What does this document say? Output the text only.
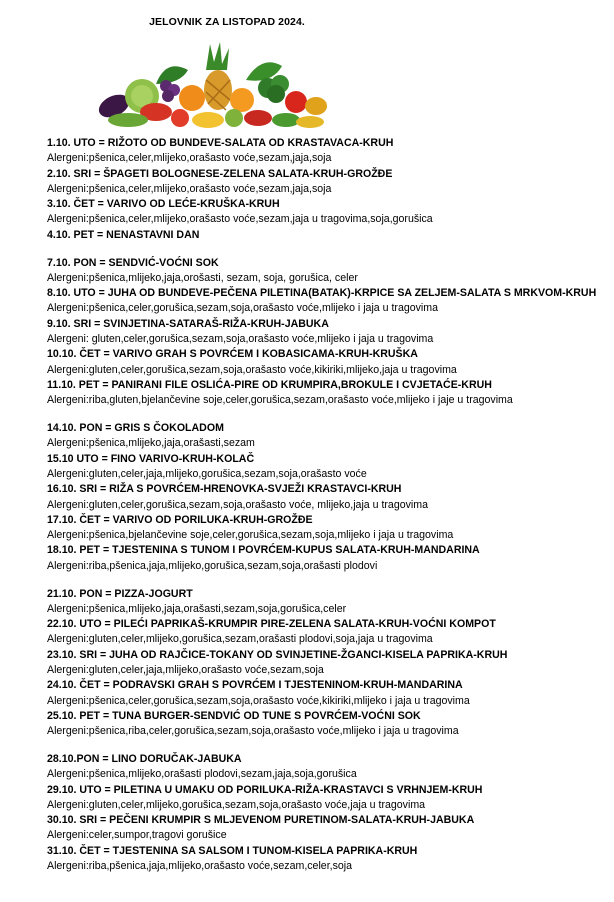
JELOVNIK ZA LISTOPAD 2024.
1.10. UTO = RIŽOTO OD BUNDEVE-SALATA OD KRASTAVACA-KRUH
Alergeni:pšenica,celer,mlijeko,orašasto voće,sezam,jaja,soja
2.10. SRI = ŠPAGETI BOLOGNESE-ZELENA SALATA-KRUH-GROŽĐE
Alergeni:pšenica,celer,mlijeko,orašasto voće,sezam,jaja,soja
3.10. ČET = VARIVO OD LEĆE-KRUŠKA-KRUH
Alergeni:pšenica,celer,mlijeko,orašasto voće,sezam,jaja u tragovima,soja,gorušica
4.10. PET = NENASTAVNI DAN
7.10. PON = SENDVIĆ-VOĆNI SOK
Alergeni:pšenica,mlijeko,jaja,orošasti, sezam, soja, gorušica, celer
8.10. UTO = JUHA OD BUNDEVE-PEČENA PILETINA(BATAK)-KRPICE SA ZELJEM-SALATA S MRKVOM-KRUH
Alergeni:pšenica,celer,gorušica,sezam,soja,orašasto voće,mlijeko i jaja u tragovima
9.10. SRI = SVINJETINA-SATARAŠ-RIŽA-KRUH-JABUKA
Alergeni: gluten,celer,gorušica,sezam,soja,orašasto voće,mlijeko i jaja u tragovima
10.10. ČET = VARIVO GRAH S POVRĆEM I KOBASICAMA-KRUH-KRUŠKA
Alergeni:gluten,celer,gorušica,sezam,soja,orašasto voće,kikiriki,mlijeko,jaja u tragovima
11.10. PET = PANIRANI FILE OSLIĆA-PIRE OD KRUMPIRA,BROKULE I CVJETAĆE-KRUH
Alergeni:riba,gluten,bjelančevine soje,celer,gorušica,sezam,orašasto voće,mlijeko i jaje u tragovima
14.10. PON = GRIS S ČOKOLADOM
Alergeni:pšenica,mlijeko,jaja,orašasti,sezam
15.10 UTO = FINO VARIVO-KRUH-KOLAČ
Alergeni:gluten,celer,jaja,mlijeko,gorušica,sezam,soja,orašasto voće
16.10. SRI = RIŽA S POVRĆEM-HRENOVKA-SVJEŽI KRASTAVCI-KRUH
Alergeni:gluten,celer,gorušica,sezam,soja,orašasto voće, mlijeko,jaja u tragovima
17.10. ČET = VARIVO OD PORILUKA-KRUH-GROŽĐE
Alergeni:pšenica,bjelančevine soje,celer,gorušica,sezam,soja,mlijeko i jaja u tragovima
18.10. PET = TJESTENINA S TUNOM I POVRĆEM-KUPUS SALATA-KRUH-MANDARINA
Alergeni:riba,pšenica,jaja,mlijeko,gorušica,sezam,soja,orašasti plodovi
21.10. PON = PIZZA-JOGURT
Alergeni:pšenica,mlijeko,jaja,orašasti,sezam,soja,gorušica,celer
22.10. UTO = PILEĆI PAPRIKAŠ-KRUMPIR PIRE-ZELENA SALATA-KRUH-VOĆNI KOMPOT
Alergeni:gluten,celer,mlijeko,gorušica,sezam,orašasti plodovi,soja,jaja u tragovima
23.10. SRI = JUHA OD RAJČICE-TOKANY OD SVINJETINE-ŽGANCI-KISELA PAPRIKA-KRUH
Alergeni:gluten,celer,jaja,mlijeko,orašasto voće,sezam,soja
24.10. ČET = PODRAVSKI GRAH S POVRĆEM I TJESTENINOM-KRUH-MANDARINA
Alergeni:pšenica,celer,gorušica,sezam,soja,orašasto voće,kikiriki,mlijeko i jaja u tragovima
25.10. PET = TUNA BURGER-SENDVIĆ OD TUNE S POVRĆEM-VOĆNI SOK
Alergeni:pšenica,riba,celer,gorušica,sezam,soja,orašasto voće,mlijeko i jaja u tragovima
28.10.PON = LINO DORUČAK-JABUKA
Alergeni:pšenica,mlijeko,orašasti plodovi,sezam,jaja,soja,gorušica
29.10. UTO = PILETINA U UMAKU OD PORILUKA-RIŽA-KRASTAVCI S VRHNJEM-KRUH
Alergeni:gluten,celer,mlijeko,gorušica,sezam,soja,orašasto voće,jaja u tragovima
30.10. SRI = PEČENI KRUMPIR S MLJEVENOM PURETINOM-SALATA-KRUH-JABUKA
Alergeni:celer,sumpor,tragovi gorušice
31.10. ČET = TJESTENINA SA SALSOM I TUNOM-KISELA PAPRIKA-KRUH
Alergeni:riba,pšenica,jaja,mlijeko,orašasto voće,sezam,celer,soja
